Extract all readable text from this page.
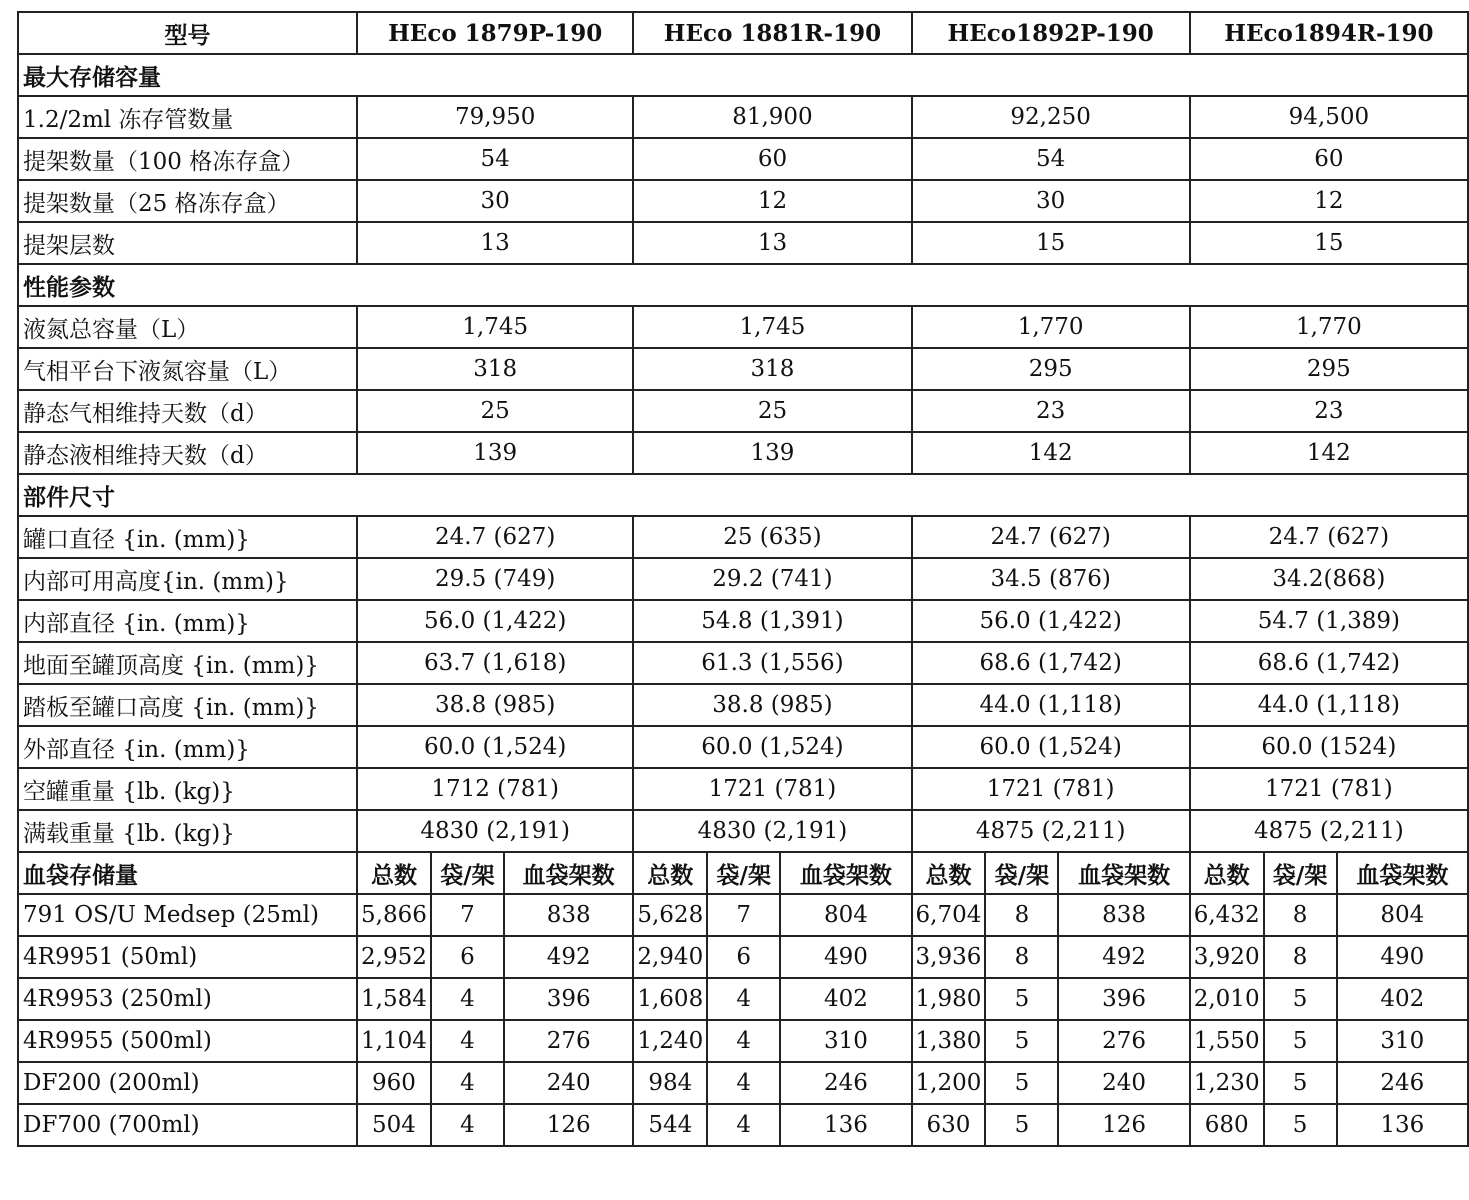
型号	HEco 1879P-190			HEco 1881R-190			HEco1892P-190			HEco1894R-190		
最大存储容量												
1.2/2ml 冻存管数量	79,950			81,900			92,250			94,500		
提架数量（100 格冻存盒）	54			60			54			60		
提架数量（25 格冻存盒）	30			12			30			12		
提架层数	13			13			15			15		
性能参数												
液氮总容量（L）	1,745			1,745			1,770			1,770		
气相平台下液氮容量（L）	318			318			295			295		
静态气相维持天数（d）	25			25			23			23		
静态液相维持天数（d）	139			139			142			142		
部件尺寸												
罐口直径 {in. (mm)}	24.7 (627)			25 (635)			24.7 (627)			24.7 (627)		
内部可用高度{in. (mm)}	29.5 (749)			29.2 (741)			34.5 (876)			34.2(868)		
内部直径 {in. (mm)}	56.0 (1,422)			54.8 (1,391)			56.0 (1,422)			54.7 (1,389)		
地面至罐顶高度 {in. (mm)}	63.7 (1,618)			61.3 (1,556)			68.6 (1,742)			68.6 (1,742)		
踏板至罐口高度 {in. (mm)}	38.8 (985)			38.8 (985)			44.0 (1,118)			44.0 (1,118)		
外部直径 {in. (mm)}	60.0 (1,524)			60.0 (1,524)			60.0 (1,524)			60.0 (1524)		
空罐重量 {lb. (kg)}	1712 (781)			1721 (781)			1721 (781)			1721 (781)		
满载重量 {lb. (kg)}	4830 (2,191)			4830 (2,191)			4875 (2,211)			4875 (2,211)		
血袋存储量	总数	袋/架	血袋架数	总数	袋/架	血袋架数	总数	袋/架	血袋架数	总数	袋/架	血袋架数
791 OS/U Medsep (25ml)	5,866	7	838	5,628	7	804	6,704	8	838	6,432	8	804
4R9951 (50ml)	2,952	6	492	2,940	6	490	3,936	8	492	3,920	8	490
4R9953 (250ml)	1,584	4	396	1,608	4	402	1,980	5	396	2,010	5	402
4R9955 (500ml)	1,104	4	276	1,240	4	310	1,380	5	276	1,550	5	310
DF200 (200ml)	960	4	240	984	4	246	1,200	5	240	1,230	5	246
DF700 (700ml)	504	4	126	544	4	136	630	5	126	680	5	136
